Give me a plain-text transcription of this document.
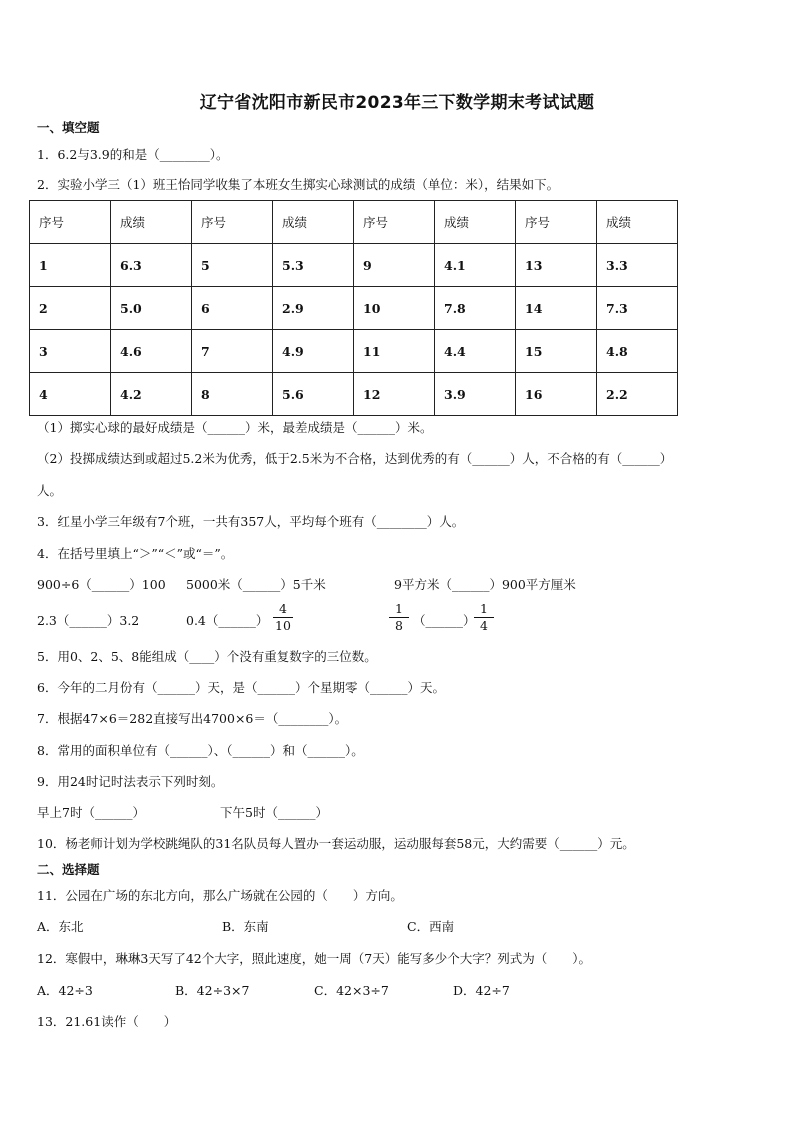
辽宁省沈阳市新民市2023年三下数学期末考试试题
一、填空题
1．6.2与3.9的和是（________）。
2．实验小学三（1）班王怡同学收集了本班女生掷实心球测试的成绩（单位：米），结果如下。
序号	成绩	序号	成绩	序号	成绩	序号	成绩
1	6.3	5	5.3	9	4.1	13	3.3
2	5.0	6	2.9	10	7.8	14	7.3
3	4.6	7	4.9	11	4.4	15	4.8
4	4.2	8	5.6	12	3.9	16	2.2
（1）掷实心球的最好成绩是（______）米，最差成绩是（______）米。
（2）投掷成绩达到或超过5.2米为优秀，低于2.5米为不合格，达到优秀的有（______）人，不合格的有（______）
人。
3．红星小学三年级有7个班，一共有357人，平均每个班有（________）人。
4．在括号里填上“＞”“＜”或“＝”。
900÷6（______）100 5000米（______）5千米	9平方米（______）900平方厘米
2.3（______）3.2	0.4（______）
4
10
1
8 （______）
1
4
5．用0、2、5、8能组成（____）个没有重复数字的三位数。
6．今年的二月份有（______）天，是（______）个星期零（______）天。
7．根据47×6＝282直接写出4700×6＝（________）。
8．常用的面积单位有（______）、（______）和（______）。
9．用24时记时法表示下列时刻。
早上7时（______）	下午5时（______）
10．杨老师计划为学校跳绳队的31名队员每人置办一套运动服，运动服每套58元，大约需要（______）元。
二、选择题
11．公园在广场的东北方向，那么广场就在公园的（　　）方向。
A．东北	B．东南	C．西南
12．寒假中，琳琳3天写了42个大字，照此速度，她一周（7天）能写多少个大字？列式为（　　）。
A．42÷3	B．42÷3×7	C．42×3÷7	D．42÷7
13．21.61读作（　　）
